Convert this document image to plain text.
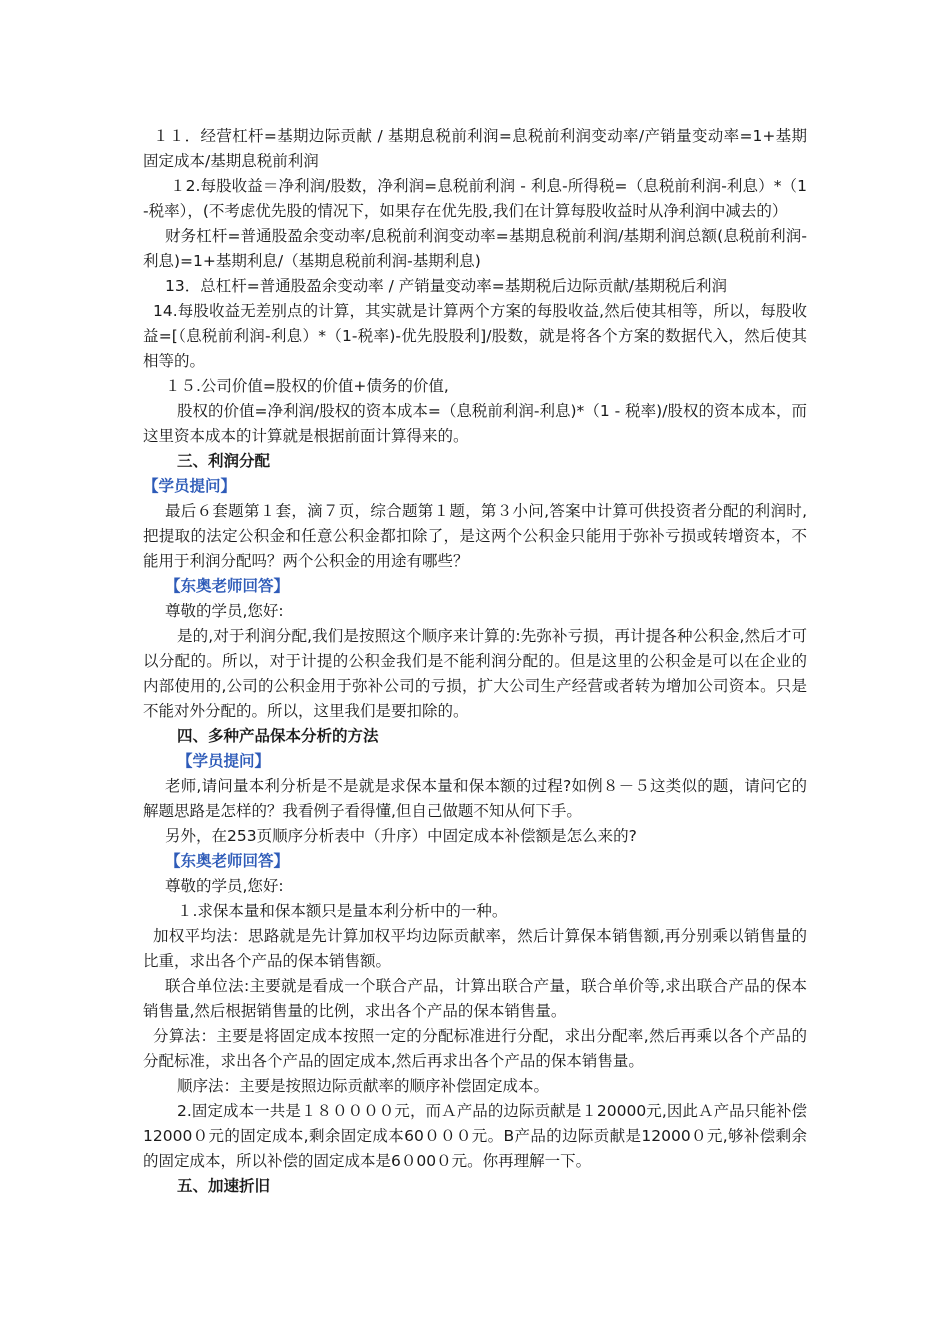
１１．经营杠杆=基期边际贡献 / 基期息税前利润=息税前利润变动率/产销量变动率=1+基期固定成本/基期息税前利润

１2.每股收益＝净利润/股数，净利润=息税前利润 - 利息-所得税=（息税前利润-利息）*（1-税率），(不考虑优先股的情况下，如果存在优先股,我们在计算每股收益时从净利润中减去的）

财务杠杆=普通股盈余变动率/息税前利润变动率=基期息税前利润/基期利润总额(息税前利润-利息)=1+基期利息/（基期息税前利润-基期利息)

13．总杠杆=普通股盈余变动率 / 产销量变动率=基期税后边际贡献/基期税后利润

14.每股收益无差别点的计算，其实就是计算两个方案的每股收益,然后使其相等，所以，每股收益=[（息税前利润-利息）*（1-税率)-优先股股利]/股数，就是将各个方案的数据代入，然后使其相等的。

１５.公司价值=股权的价值+债务的价值,

股权的价值=净利润/股权的资本成本=（息税前利润-利息)*（1 - 税率)/股权的资本成本，而这里资本成本的计算就是根据前面计算得来的。

三、利润分配

【学员提问】

最后６套题第１套，滴７页，综合题第１题，第３小问,答案中计算可供投资者分配的利润时,把提取的法定公积金和任意公积金都扣除了，是这两个公积金只能用于弥补亏损或转增资本，不能用于利润分配吗？两个公积金的用途有哪些？

【东奥老师回答】

尊敬的学员,您好:

是的,对于利润分配,我们是按照这个顺序来计算的:先弥补亏损，再计提各种公积金,然后才可以分配的。所以，对于计提的公积金我们是不能利润分配的。但是这里的公积金是可以在企业的内部使用的,公司的公积金用于弥补公司的亏损，扩大公司生产经营或者转为增加公司资本。只是不能对外分配的。所以，这里我们是要扣除的。

四、多种产品保本分析的方法

【学员提问】

老师,请问量本利分析是不是就是求保本量和保本额的过程?如例８－５这类似的题，请问它的解题思路是怎样的？我看例子看得懂,但自己做题不知从何下手。

另外，在253页顺序分析表中（升序）中固定成本补偿额是怎么来的?

【东奥老师回答】

尊敬的学员,您好:

１.求保本量和保本额只是量本利分析中的一种。

加权平均法：思路就是先计算加权平均边际贡献率，然后计算保本销售额,再分别乘以销售量的比重，求出各个产品的保本销售额。

联合单位法:主要就是看成一个联合产品，计算出联合产量，联合单价等,求出联合产品的保本销售量,然后根据销售量的比例，求出各个产品的保本销售量。

分算法：主要是将固定成本按照一定的分配标准进行分配，求出分配率,然后再乘以各个产品的分配标准，求出各个产品的固定成本,然后再求出各个产品的保本销售量。

顺序法：主要是按照边际贡献率的顺序补偿固定成本。

2.固定成本一共是１８００００元，而Ａ产品的边际贡献是１20000元,因此Ａ产品只能补偿12000０元的固定成本,剩余固定成本60０００元。B产品的边际贡献是12000０元,够补偿剩余的固定成本，所以补偿的固定成本是6０00０元。你再理解一下。

五、加速折旧
